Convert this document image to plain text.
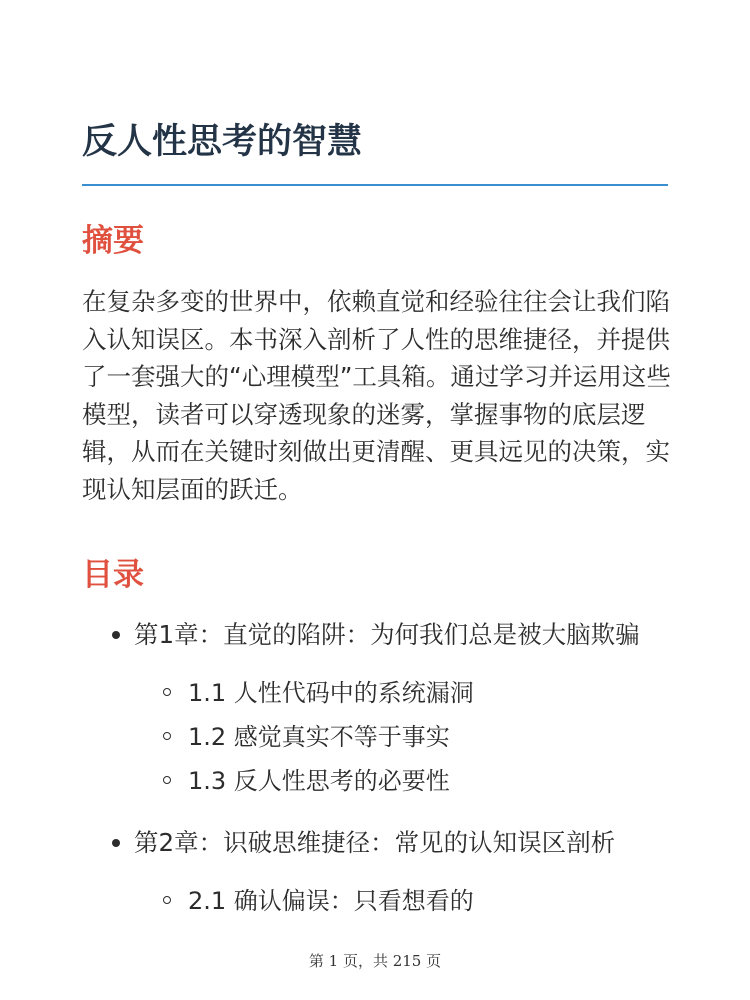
反人性思考的智慧
摘要

在复杂多变的世界中，依赖直觉和经验往往会让我们陷入认知误区。本书深入剖析了人性的思维捷径，并提供了一套强大的“心理模型”工具箱。通过学习并运用这些模型，读者可以穿透现象的迷雾，掌握事物的底层逻辑，从而在关键时刻做出更清醒、更具远见的决策，实现认知层面的跃迁。

目录
第1章：直觉的陷阱：为何我们总是被大脑欺骗
1.1 人性代码中的系统漏洞
1.2 感觉真实不等于事实
1.3 反人性思考的必要性
第2章：识破思维捷径：常见的认知误区剖析
2.1 确认偏误：只看想看的
第 1 页，共 215 页
